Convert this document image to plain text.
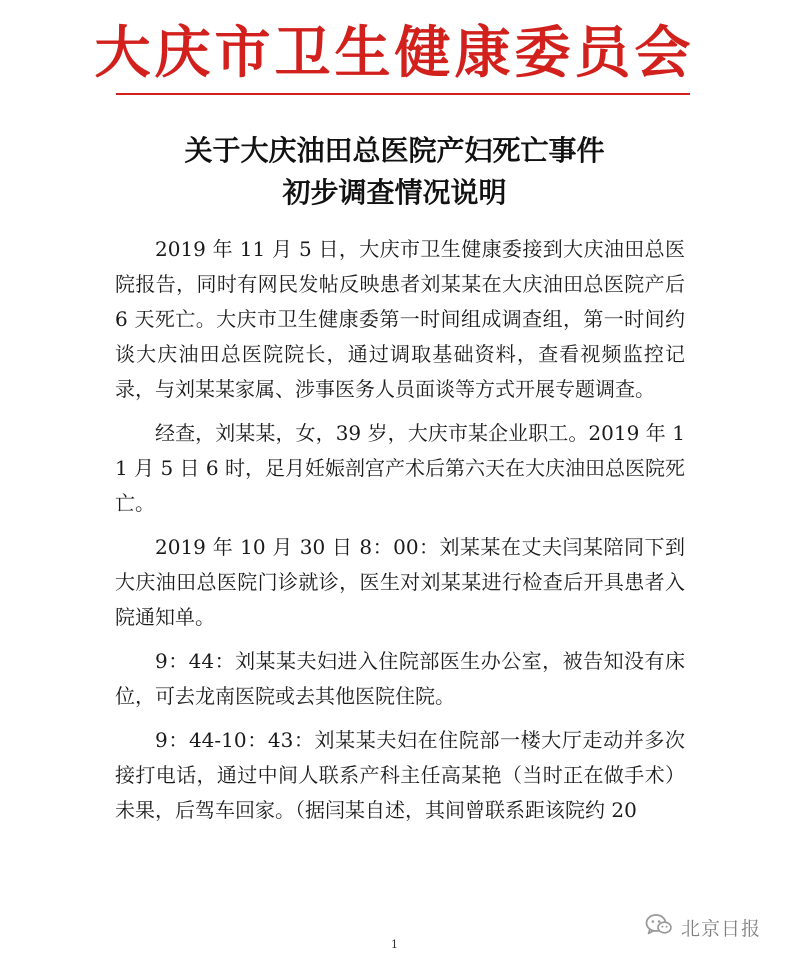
大庆市卫生健康委员会
关于大庆油田总医院产妇死亡事件
初步调查情况说明

2019 年 11 月 5 日，大庆市卫生健康委接到大庆油田总医院报告，同时有网民发帖反映患者刘某某在大庆油田总医院产后 6 天死亡。大庆市卫生健康委第一时间组成调查组，第一时间约谈大庆油田总医院院长，通过调取基础资料，查看视频监控记录，与刘某某家属、涉事医务人员面谈等方式开展专题调查。

经查，刘某某，女，39 岁，大庆市某企业职工。2019 年 11 月 5 日 6 时，足月妊娠剖宫产术后第六天在大庆油田总医院死亡。

2019 年 10 月 30 日 8：00：刘某某在丈夫闫某陪同下到大庆油田总医院门诊就诊，医生对刘某某进行检查后开具患者入院通知单。

9：44：刘某某夫妇进入住院部医生办公室，被告知没有床位，可去龙南医院或去其他医院住院。

9：44-10：43：刘某某夫妇在住院部一楼大厅走动并多次接打电话，通过中间人联系产科主任高某艳（当时正在做手术）未果，后驾车回家。（据闫某自述，其间曾联系距该院约 20

1
北京日报
